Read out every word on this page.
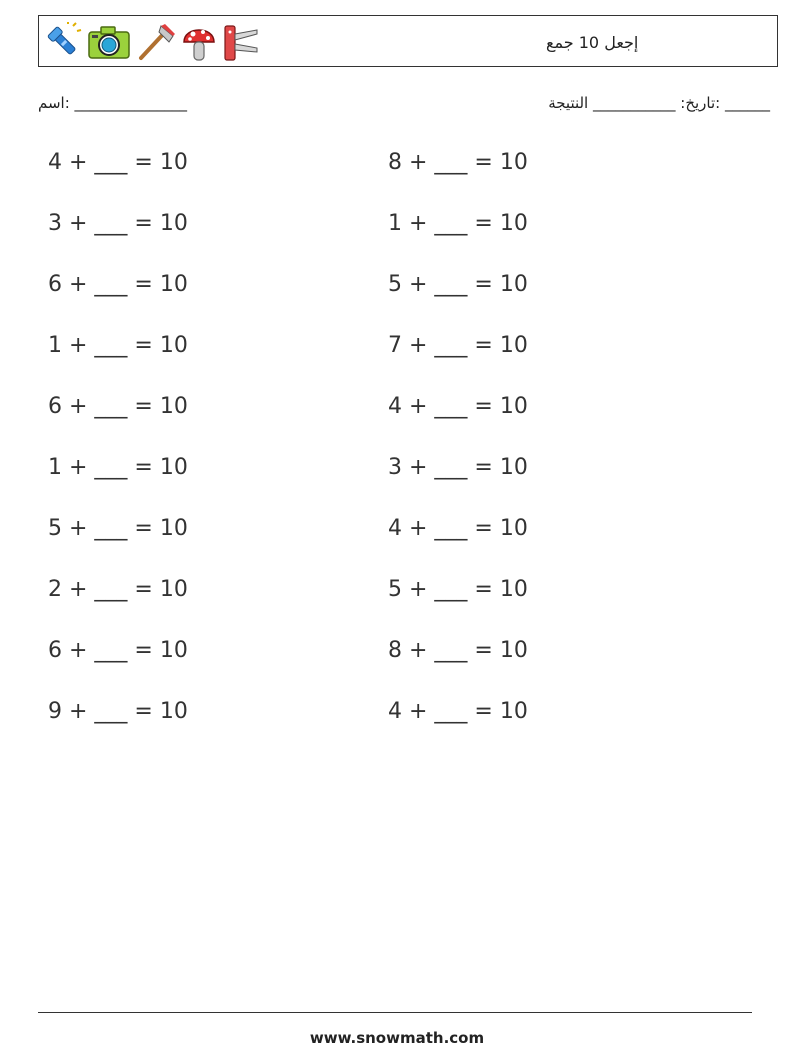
إجعل 10 جمع
______ :تاريخ: ___________ النتيجة
_______________ :اسم
4 + ___ = 10	8 + ___ = 10
3 + ___ = 10	1 + ___ = 10
6 + ___ = 10	5 + ___ = 10
1 + ___ = 10	7 + ___ = 10
6 + ___ = 10	4 + ___ = 10
1 + ___ = 10	3 + ___ = 10
5 + ___ = 10	4 + ___ = 10
2 + ___ = 10	5 + ___ = 10
6 + ___ = 10	8 + ___ = 10
9 + ___ = 10	4 + ___ = 10
www.snowmath.com
